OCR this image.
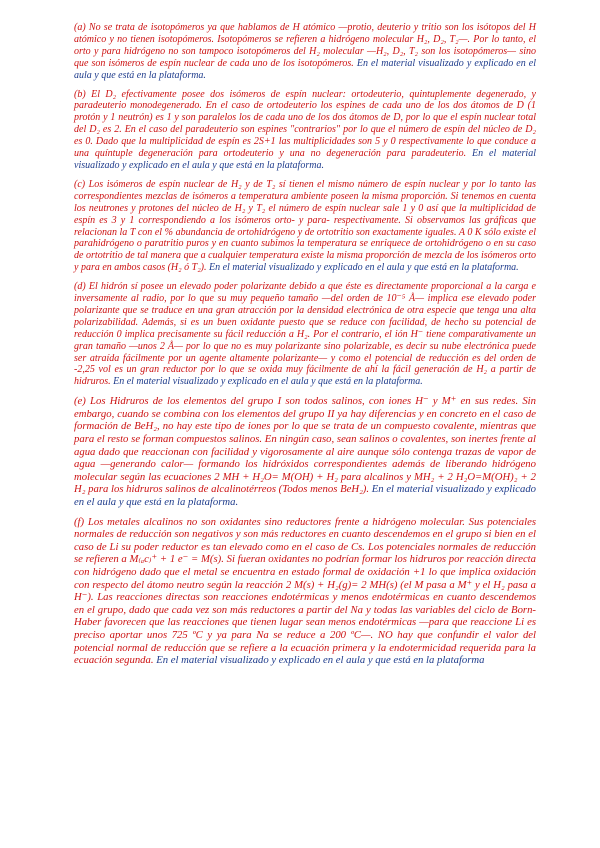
(a) No se trata de isotopómeros ya que hablamos de H atómico —protio, deuterio y tritio son los isótopos del H atómico y no tienen isotopómeros. Isotopómeros se refieren a hidrógeno molecular H₂, D₂, T₂—. Por lo tanto, el orto y para hidrógeno no son tampoco isotopómeros del H₂ molecular —H₂, D₂, T₂ son los isotopómeros— sino que son isómeros de espín nuclear de cada uno de los isotopómeros. En el material visualizado y explicado en el aula y que está en la plataforma.

(b) El D₂ efectivamente posee dos isómeros de espín nuclear: ortodeuterio, quintuplemente degenerado, y paradeuterio monodegenerado. En el caso de ortodeuterio los espines de cada uno de los dos átomos de D (1 protón y 1 neutrón) es 1 y son paralelos los de cada uno de los dos átomos de D, por lo que el espín nuclear total del D₂ es 2. En el caso del paradeuterio son espines "contrarios" por lo que el número de espín del núcleo de D₂ es 0. Dado que la multiplicidad de espín es 2S+1 las multiplicidades son 5 y 0 respectivamente lo que conduce a una quíntuple degeneración para ortodeuterio y una no degeneración para paradeuterio. En el material visualizado y explicado en el aula y que está en la plataforma.

(c) Los isómeros de espín nuclear de H₂ y de T₂ sí tienen el mismo número de espín nuclear y por lo tanto las correspondientes mezclas de isómeros a temperatura ambiente poseen la misma proporción. Si tenemos en cuenta los neutrones y protones del núcleo de H₂ y T₂ el número de espín nuclear sale 1 y 0 así que la multiplicidad de espín es 3 y 1 correspondiendo a los isómeros orto- y para- respectivamente. Si observamos las gráficas que relacionan la T con el % abundancia de ortohidrógeno y de ortotritio son exactamente iguales. A 0 K sólo existe el parahidrógeno o paratritio puros y en cuanto subimos la temperatura se enriquece de ortohidrógeno o en su caso de ortotritio de tal manera que a cualquier temperatura existe la misma proporción de mezcla de los isómeros orto y para en ambos casos (H₂ ó T₂). En el material visualizado y explicado en el aula y que está en la plataforma.

(d) El hidrón sí posee un elevado poder polarizante debido a que éste es directamente proporcional a la carga e inversamente al radio, por lo que su muy pequeño tamaño —del orden de 10⁻⁵ Å— implica ese elevado poder polarizante que se traduce en una gran atracción por la densidad electrónica de otra especie que tenga una alta polarizabilidad. Además, si es un buen oxidante puesto que se reduce con facilidad, de hecho su potencial de reducción 0 implica precisamente su fácil reducción a H₂. Por el contrario, el ión H⁻ tiene comparativamente un gran tamaño —unos 2 Å— por lo que no es muy polarizante sino polarizable, es decir su nube electrónica puede ser atraída fácilmente por un agente altamente polarizante— y como el potencial de reducción es del orden de -2,25 vol es un gran reductor por lo que se oxida muy fácilmente de ahí la fácil generación de H₂ a partir de hidruros. En el material visualizado y explicado en el aula y que está en la plataforma.

(e) Los Hidruros de los elementos del grupo I son todos salinos, con iones H⁻ y M⁺ en sus redes. Sin embargo, cuando se combina con los elementos del grupo II ya hay diferencias y en concreto en el caso de formación de BeH₂, no hay este tipo de iones por lo que se trata de un compuesto covalente, mientras que para el resto se forman compuestos salinos. En ningún caso, sean salinos o covalentes, son inertes frente al agua dado que reaccionan con facilidad y vigorosamente al aire aunque sólo contenga trazas de vapor de agua —generando calor— formando los hidróxidos correspondientes además de liberando hidrógeno molecular según las ecuaciones 2 MH + H₂O= M(OH) + H₂ para alcalinos y MH₂ + 2 H₂O=M(OH)₂ + 2 H₂ para los hidruros salinos de alcalinotérreos (Todos menos BeH₂). En el material visualizado y explicado en el aula y que está en la plataforma.

(f) Los metales alcalinos no son oxidantes sino reductores frente a hidrógeno molecular. Sus potenciales normales de reducción son negativos y son más reductores en cuanto descendemos en el grupo si bien en el caso de Li su poder reductor es tan elevado como en el caso de Cs. Los potenciales normales de reducción se refieren a M₍ₐc₎⁺ + 1 e⁻ = M(s). Si fueran oxidantes no podrían formar los hidruros por reacción directa con hidrógeno dado que el metal se encuentra en estado formal de oxidación +1 lo que implica oxidación con respecto del átomo neutro según la reacción 2 M(s) + H₂(g)= 2 MH(s) (el M pasa a M⁺ y el H₂ pasa a H⁻). Las reacciones directas son reacciones endotérmicas y menos endotérmicas en cuanto descendemos en el grupo, dado que cada vez son más reductores a partir del Na y todas las variables del ciclo de Born-Haber favorecen que las reacciones que tienen lugar sean menos endotérmicas —para que reaccione Li es preciso aportar unos 725 ºC y ya para Na se reduce a 200 ºC—. NO hay que confundir el valor del potencial normal de reducción que se refiere a la ecuación primera y la endotermicidad requerida para la ecuación segunda. En el material visualizado y explicado en el aula y que está en la plataforma
